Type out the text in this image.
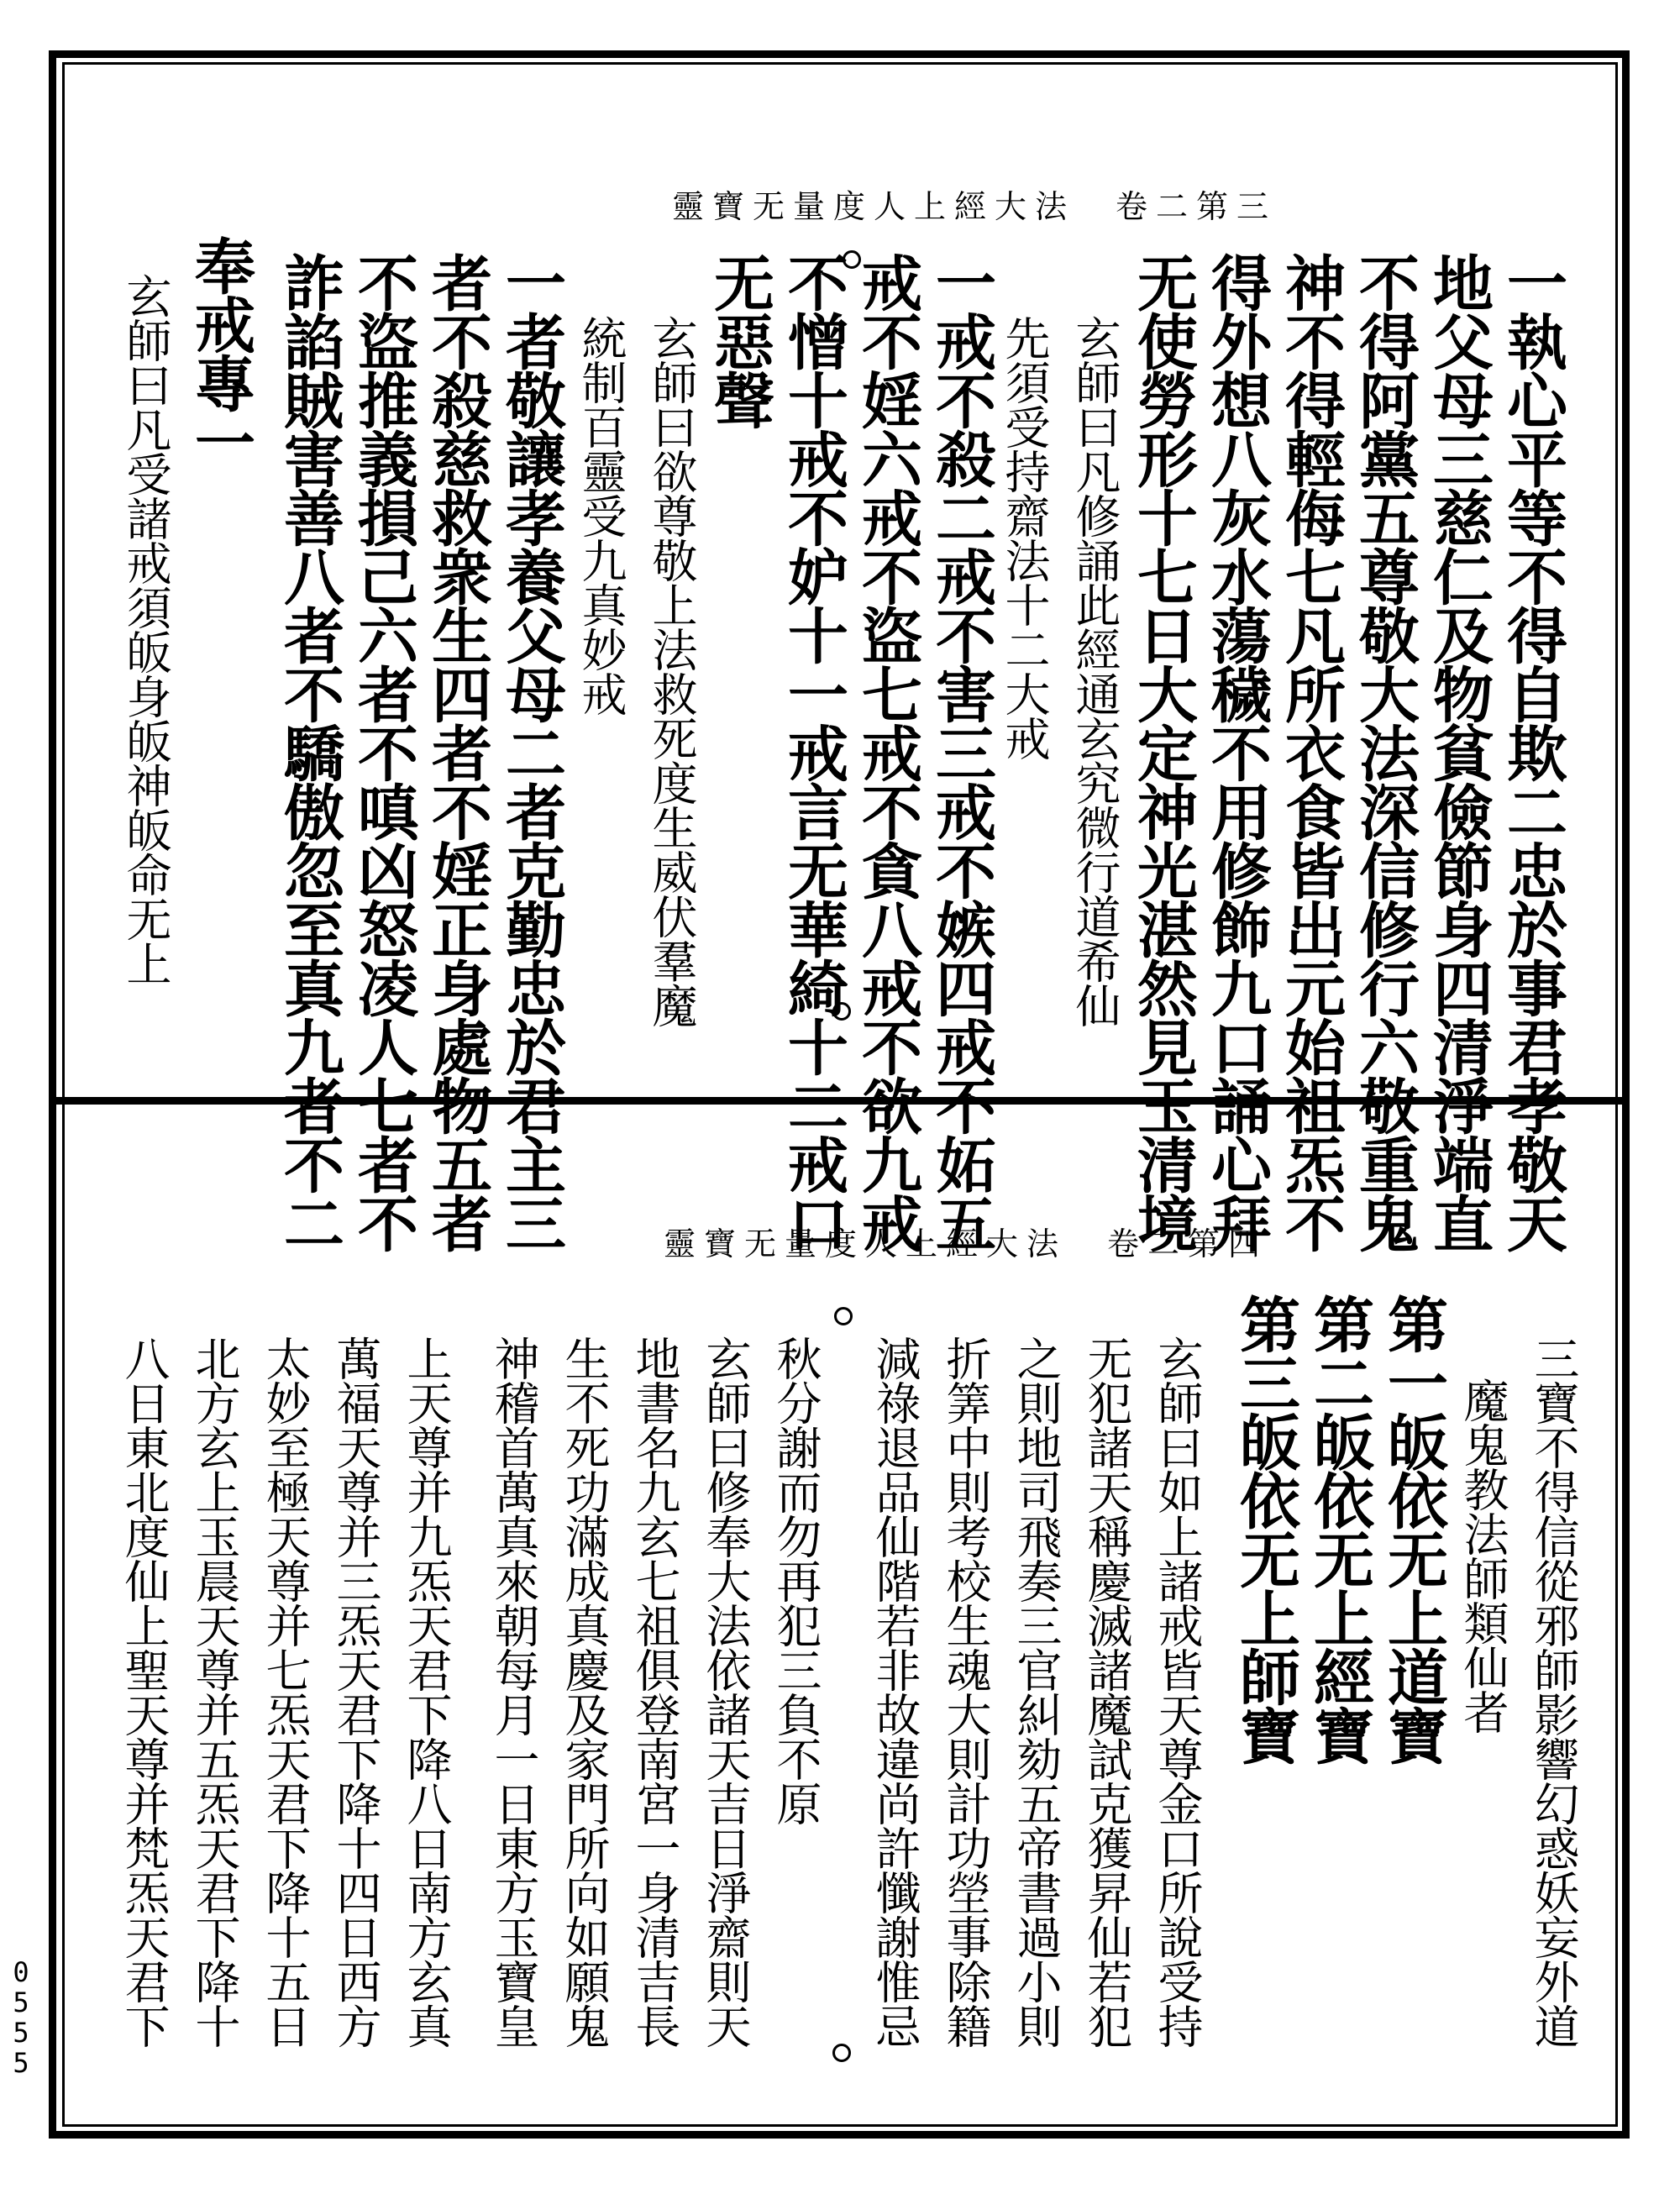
靈寶无量度人上經大法　卷二第三
一執心平等不得自欺二忠於事君孝敬天
地父母三慈仁及物貧儉節身四清淨端直
不得阿黨五尊敬大法深信修行六敬重鬼
神不得輕侮七凡所衣食皆出元始祖炁不
得外想八灰水蕩穢不用修飾九口誦心拜
无使勞形十七日大定神光湛然見玉清境
玄師曰凡修誦此經通玄究微行道希仙
先須受持齋法十二大戒
一戒不殺二戒不害三戒不嫉四戒不妬五
戒不婬六戒不盜七戒不貪八戒不欲九戒
不憎十戒不妒十一戒言无華綺十二戒口
无惡聲
玄師曰欲尊敬上法救死度生威伏羣魔
統制百靈受九真妙戒
一者敬讓孝養父母二者克勤忠於君主三
者不殺慈救衆生四者不婬正身處物五者
不盜推義損己六者不嗔凶怒凌人七者不
詐諂賊害善八者不驕傲忽至真九者不二
奉戒專一
玄師曰凡受諸戒須皈身皈神皈命无上
靈寶无量度人上經大法　卷二第四
三寶不得信從邪師影響幻惑妖妄外道
魔鬼教法師類仙者
第一皈依无上道寶
第二皈依无上經寶
第三皈依无上師寶
玄師曰如上諸戒皆天尊金口所說受持
无犯諸天稱慶滅諸魔試克獲昇仙若犯
之則地司飛奏三官糾劾五帝書過小則
折筭中則考校生魂大則計功塋事除籍
減祿退品仙階若非故違尚許懺謝惟忌
秋分謝而勿再犯三負不原
玄師曰修奉大法依諸天吉日淨齋則天
地書名九玄七祖俱登南宮一身清吉長
生不死功滿成真慶及家門所向如願鬼
神稽首萬真來朝每月一日東方玉寶皇
上天尊并九炁天君下降八日南方玄真
萬福天尊并三炁天君下降十四日西方
太妙至極天尊并七炁天君下降十五日
北方玄上玉晨天尊并五炁天君下降十
八日東北度仙上聖天尊并梵炁天君下
0
5
5
5
